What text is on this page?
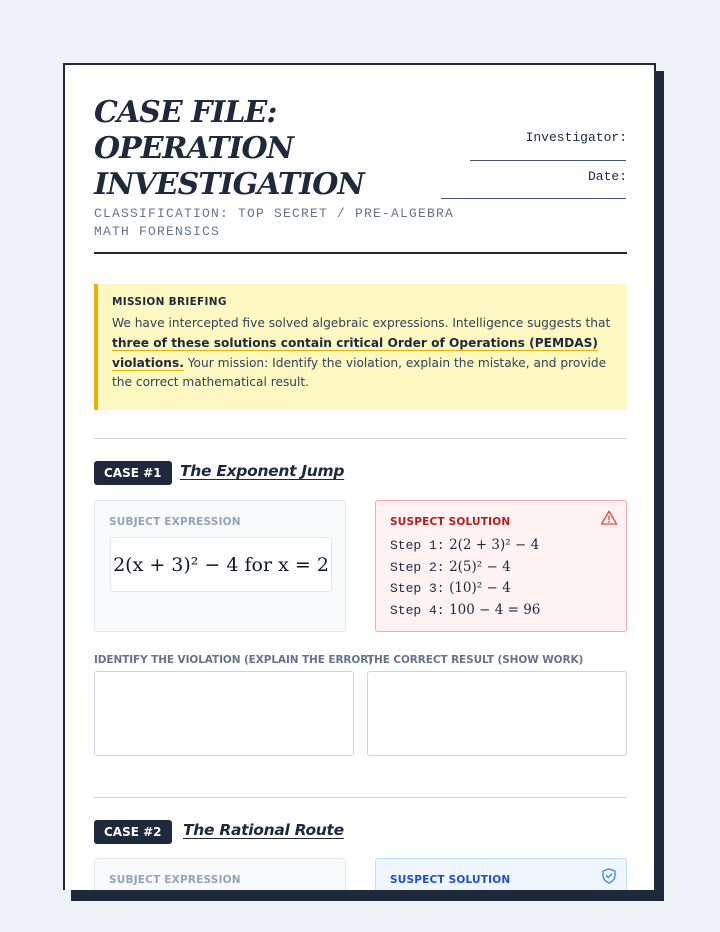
CASE FILE:
OPERATION
INVESTIGATION
CLASSIFICATION: TOP SECRET / PRE-ALGEBRA
MATH FORENSICS
Investigator:
Date:
MISSION BRIEFING
We have intercepted five solved algebraic expressions. Intelligence suggests that three of these solutions contain critical Order of Operations (PEMDAS) violations. Your mission: Identify the violation, explain the mistake, and provide the correct mathematical result.
CASE #1	The Exponent Jump
SUBJECT EXPRESSION
2(x + 3)² − 4 for x = 2
SUSPECT SOLUTION
Step 1: 2(2 + 3)² − 4
Step 2: 2(5)² − 4
Step 3: (10)² − 4
Step 4: 100 − 4 = 96
IDENTIFY THE VIOLATION (EXPLAIN THE ERROR)
THE CORRECT RESULT (SHOW WORK)
CASE #2	The Rational Route
SUBJECT EXPRESSION	SUSPECT SOLUTION
